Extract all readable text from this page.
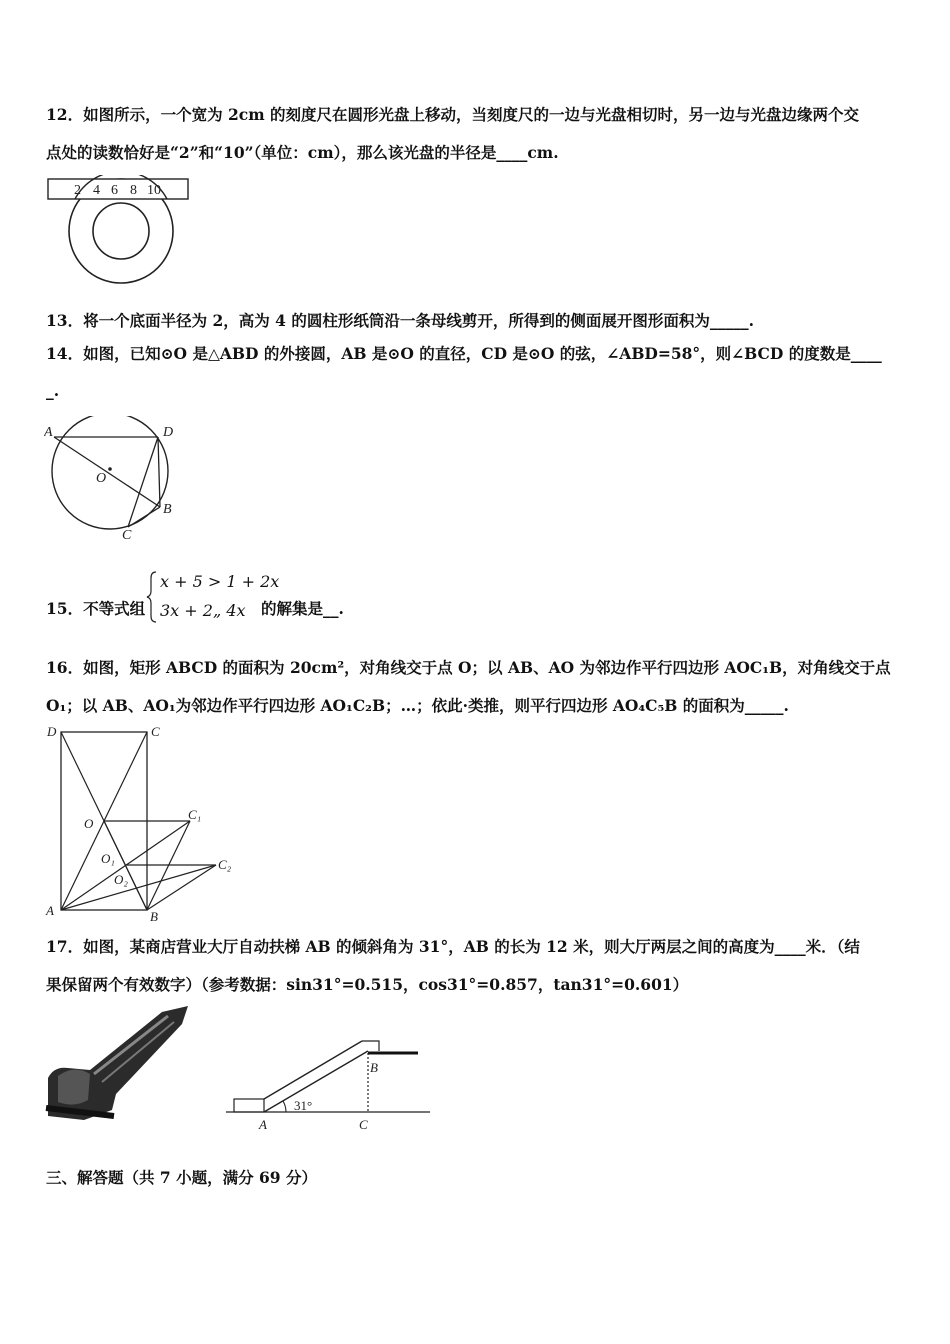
12．如图所示，一个宽为 2cm 的刻度尺在圆形光盘上移动，当刻度尺的一边与光盘相切时，另一边与光盘边缘两个交
点处的读数恰好是“2”和“10”（单位：cm），那么该光盘的半径是____cm.
2 4 6 8 10
13．将一个底面半径为 2，高为 4 的圆柱形纸筒沿一条母线剪开，所得到的侧面展开图形面积为_____.
14．如图，已知⊙O 是△ABD 的外接圆，AB 是⊙O 的直径，CD 是⊙O 的弦，∠ABD=58°，则∠BCD 的度数是____
_.
A	D
O
B
C
15．不等式组
x + 5 > 1 + 2x
3x + 2„ 4x 的解集是__.
16．如图，矩形 ABCD 的面积为 20cm²，对角线交于点 O；以 AB、AO 为邻边作平行四边形 AOC₁B，对角线交于点
O₁；以 AB、AO₁为邻边作平行四边形 AO₁C₂B；…；依此·类推，则平行四边形 AO₄C₅B 的面积为_____.
D	C
O
C₁
O₁
O₂
C₂
A	B
17．如图，某商店营业大厅自动扶梯 AB 的倾斜角为 31°，AB 的长为 12 米，则大厅两层之间的高度为____米．（结
果保留两个有效数字）（参考数据：sin31°=0.515，cos31°=0.857，tan31°=0.601）
31°
B
A	C
三、解答题（共 7 小题，满分 69 分）
